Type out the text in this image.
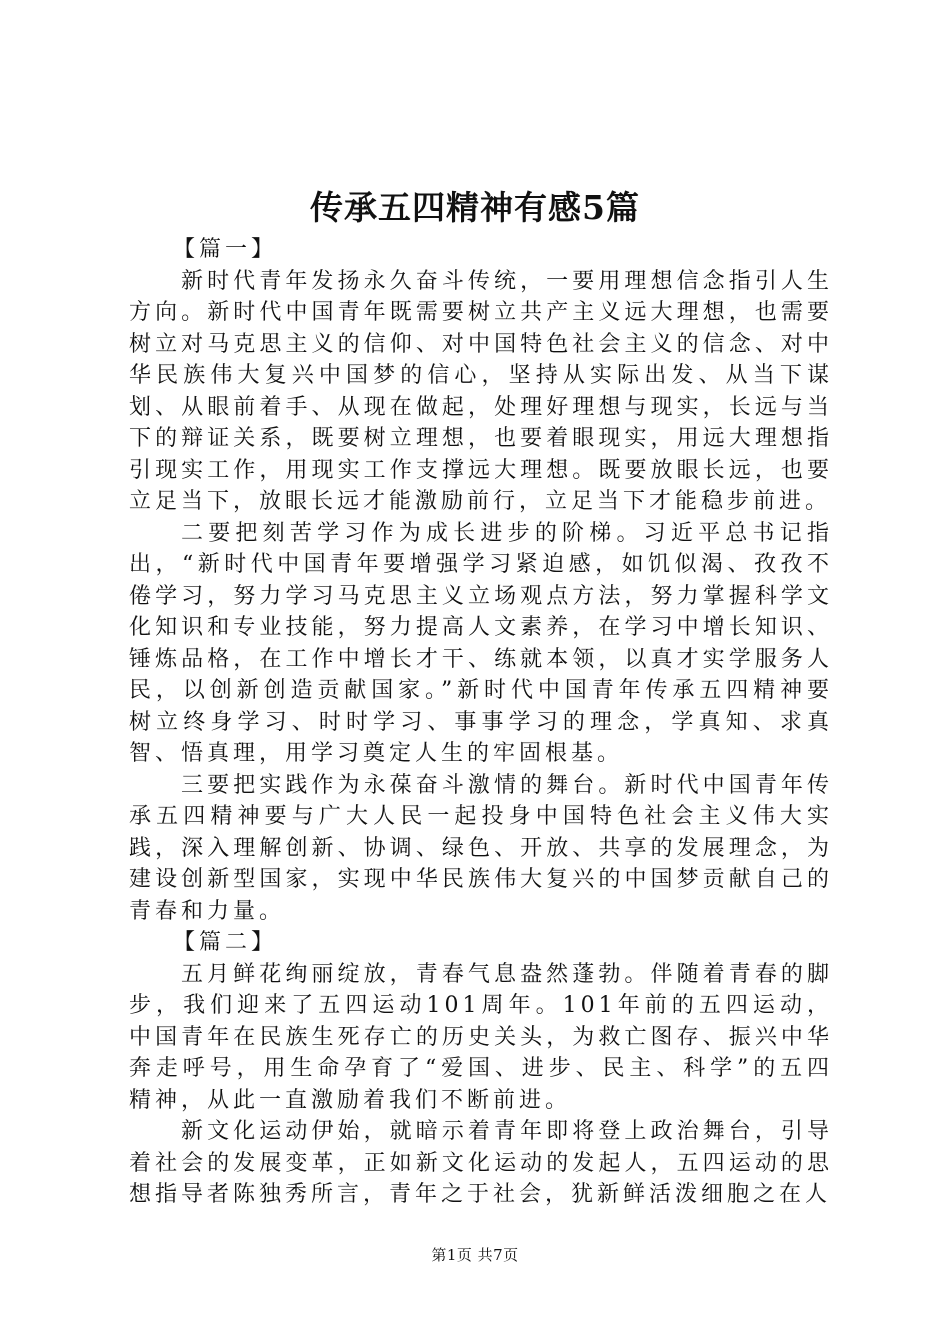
传承五四精神有感5篇

【篇一】

新时代青年发扬永久奋斗传统，一要用理想信念指引人生方向。新时代中国青年既需要树立共产主义远大理想，也需要树立对马克思主义的信仰、对中国特色社会主义的信念、对中华民族伟大复兴中国梦的信心，坚持从实际出发、从当下谋划、从眼前着手、从现在做起，处理好理想与现实，长远与当下的辩证关系，既要树立理想，也要着眼现实，用远大理想指引现实工作，用现实工作支撑远大理想。既要放眼长远，也要立足当下，放眼长远才能激励前行，立足当下才能稳步前进。

二要把刻苦学习作为成长进步的阶梯。习近平总书记指出，“新时代中国青年要增强学习紧迫感，如饥似渴、孜孜不倦学习，努力学习马克思主义立场观点方法，努力掌握科学文化知识和专业技能，努力提高人文素养，在学习中增长知识、锤炼品格，在工作中增长才干、练就本领，以真才实学服务人民，以创新创造贡献国家。”新时代中国青年传承五四精神要树立终身学习、时时学习、事事学习的理念，学真知、求真智、悟真理，用学习奠定人生的牢固根基。

三要把实践作为永葆奋斗激情的舞台。新时代中国青年传承五四精神要与广大人民一起投身中国特色社会主义伟大实践，深入理解创新、协调、绿色、开放、共享的发展理念，为建设创新型国家，实现中华民族伟大复兴的中国梦贡献自己的青春和力量。

【篇二】

五月鲜花绚丽绽放，青春气息盎然蓬勃。伴随着青春的脚步，我们迎来了五四运动101周年。101年前的五四运动，中国青年在民族生死存亡的历史关头，为救亡图存、振兴中华奔走呼号，用生命孕育了“爱国、进步、民主、科学”的五四精神，从此一直激励着我们不断前进。

新文化运动伊始，就暗示着青年即将登上政治舞台，引导着社会的发展变革，正如新文化运动的发起人，五四运动的思想指导者陈独秀所言，青年之于社会，犹新鲜活泼细胞之在人

第1页 共7页
